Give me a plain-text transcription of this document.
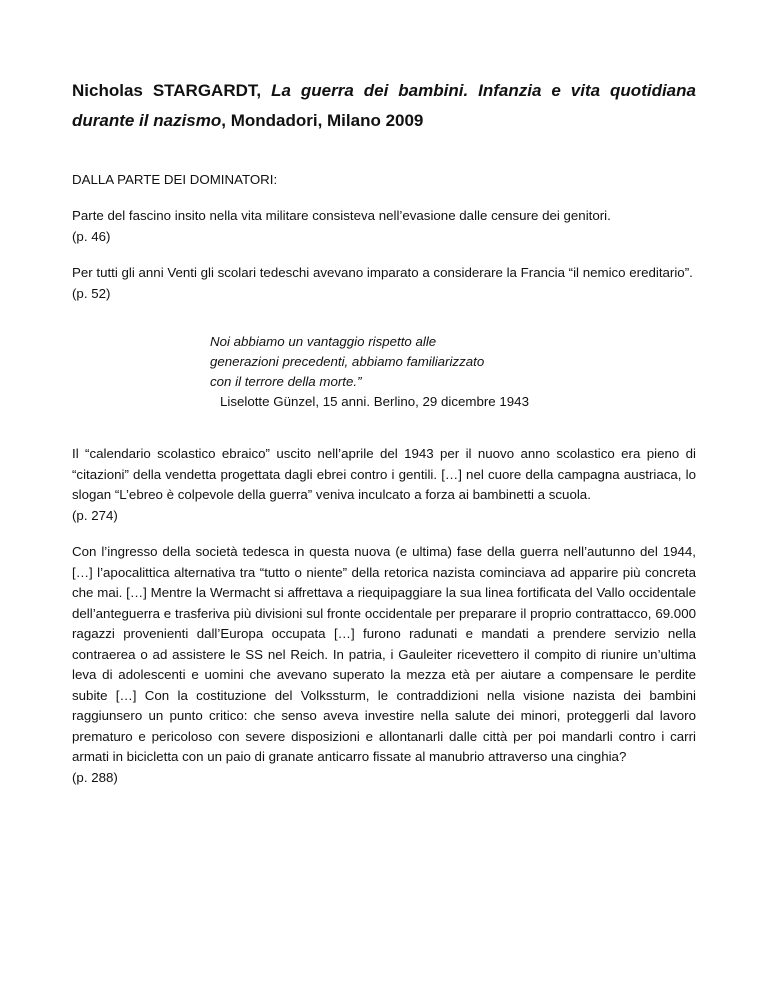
Nicholas STARGARDT, La guerra dei bambini. Infanzia e vita quotidiana durante il nazismo, Mondadori, Milano 2009
DALLA PARTE DEI DOMINATORI:
Parte del fascino insito nella vita militare consisteva nell’evasione dalle censure dei genitori.
(p. 46)
Per tutti gli anni Venti gli scolari tedeschi avevano imparato a considerare la Francia “il nemico ereditario”.
(p. 52)
Noi abbiamo un vantaggio rispetto alle
generazioni precedenti, abbiamo familiarizzato
con il terrore della morte.”
Liselotte Günzel, 15 anni. Berlino, 29 dicembre 1943
Il “calendario scolastico ebraico” uscito nell’aprile del 1943 per il nuovo anno scolastico era pieno di “citazioni” della vendetta progettata dagli ebrei contro i gentili. […] nel cuore della campagna austriaca, lo slogan “L’ebreo è colpevole della guerra” veniva inculcato a forza ai bambinetti a scuola.
(p. 274)
Con l’ingresso della società tedesca in questa nuova (e ultima) fase della guerra nell’autunno del 1944, […] l’apocalittica alternativa tra “tutto o niente” della retorica nazista cominciava ad apparire più concreta che mai. […] Mentre la Wermacht si affrettava a riequipaggiare la sua linea fortificata del Vallo occidentale dell’anteguerra e trasferiva più divisioni sul fronte occidentale per preparare il proprio contrattacco, 69.000 ragazzi provenienti dall’Europa occupata […] furono radunati e mandati a prendere servizio nella contraerea o ad assistere le SS nel Reich. In patria, i Gauleiter ricevettero il compito di riunire un’ultima leva di adolescenti e uomini che avevano superato la mezza età per aiutare a compensare le perdite subite […] Con la costituzione del Volkssturm, le contraddizioni nella visione nazista dei bambini raggiunsero un punto critico: che senso aveva investire nella salute dei minori, proteggerli dal lavoro prematuro e pericoloso con severe disposizioni e allontanarli dalle città per poi mandarli contro i carri armati in bicicletta con un paio di granate anticarro fissate al manubrio attraverso una cinghia?
(p. 288)
